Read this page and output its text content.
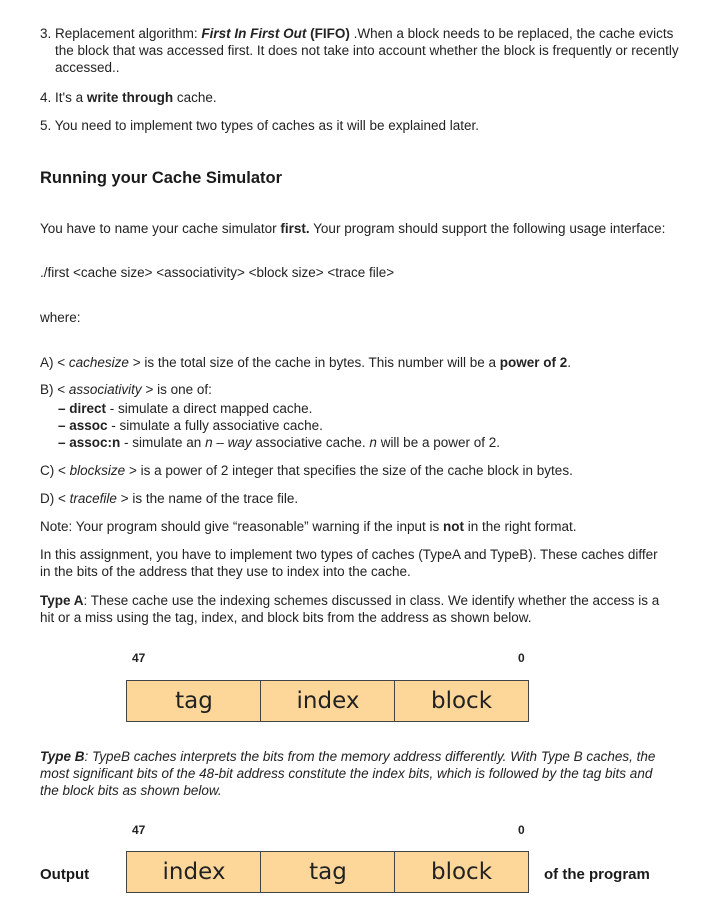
3. Replacement algorithm: First In First Out (FIFO) .When a block needs to be replaced, the cache evicts the block that was accessed first. It does not take into account whether the block is frequently or recently accessed..
4. It's a write through cache.
5. You need to implement two types of caches as it will be explained later.
Running your Cache Simulator
You have to name your cache simulator first. Your program should support the following usage interface:
./first <cache size> <associativity> <block size> <trace file>
where:
A) < cachesize > is the total size of the cache in bytes. This number will be a power of 2.
B) < associativity > is one of:
– direct - simulate a direct mapped cache.
– assoc - simulate a fully associative cache.
– assoc:n - simulate an n – way associative cache. n will be a power of 2.
C) < blocksize > is a power of 2 integer that specifies the size of the cache block in bytes.
D) < tracefile > is the name of the trace file.
Note: Your program should give “reasonable” warning if the input is not in the right format.
In this assignment, you have to implement two types of caches (TypeA and TypeB). These caches differ in the bits of the address that they use to index into the cache.
Type A: These cache use the indexing schemes discussed in class. We identify whether the access is a hit or a miss using the tag, index, and block bits from the address as shown below.
47	0
tag	index	block
Type B: TypeB caches interprets the bits from the memory address differently. With Type B caches, the most significant bits of the 48-bit address constitute the index bits, which is followed by the tag bits and the block bits as shown below.
47	0
index	tag	block
Output	of the program
